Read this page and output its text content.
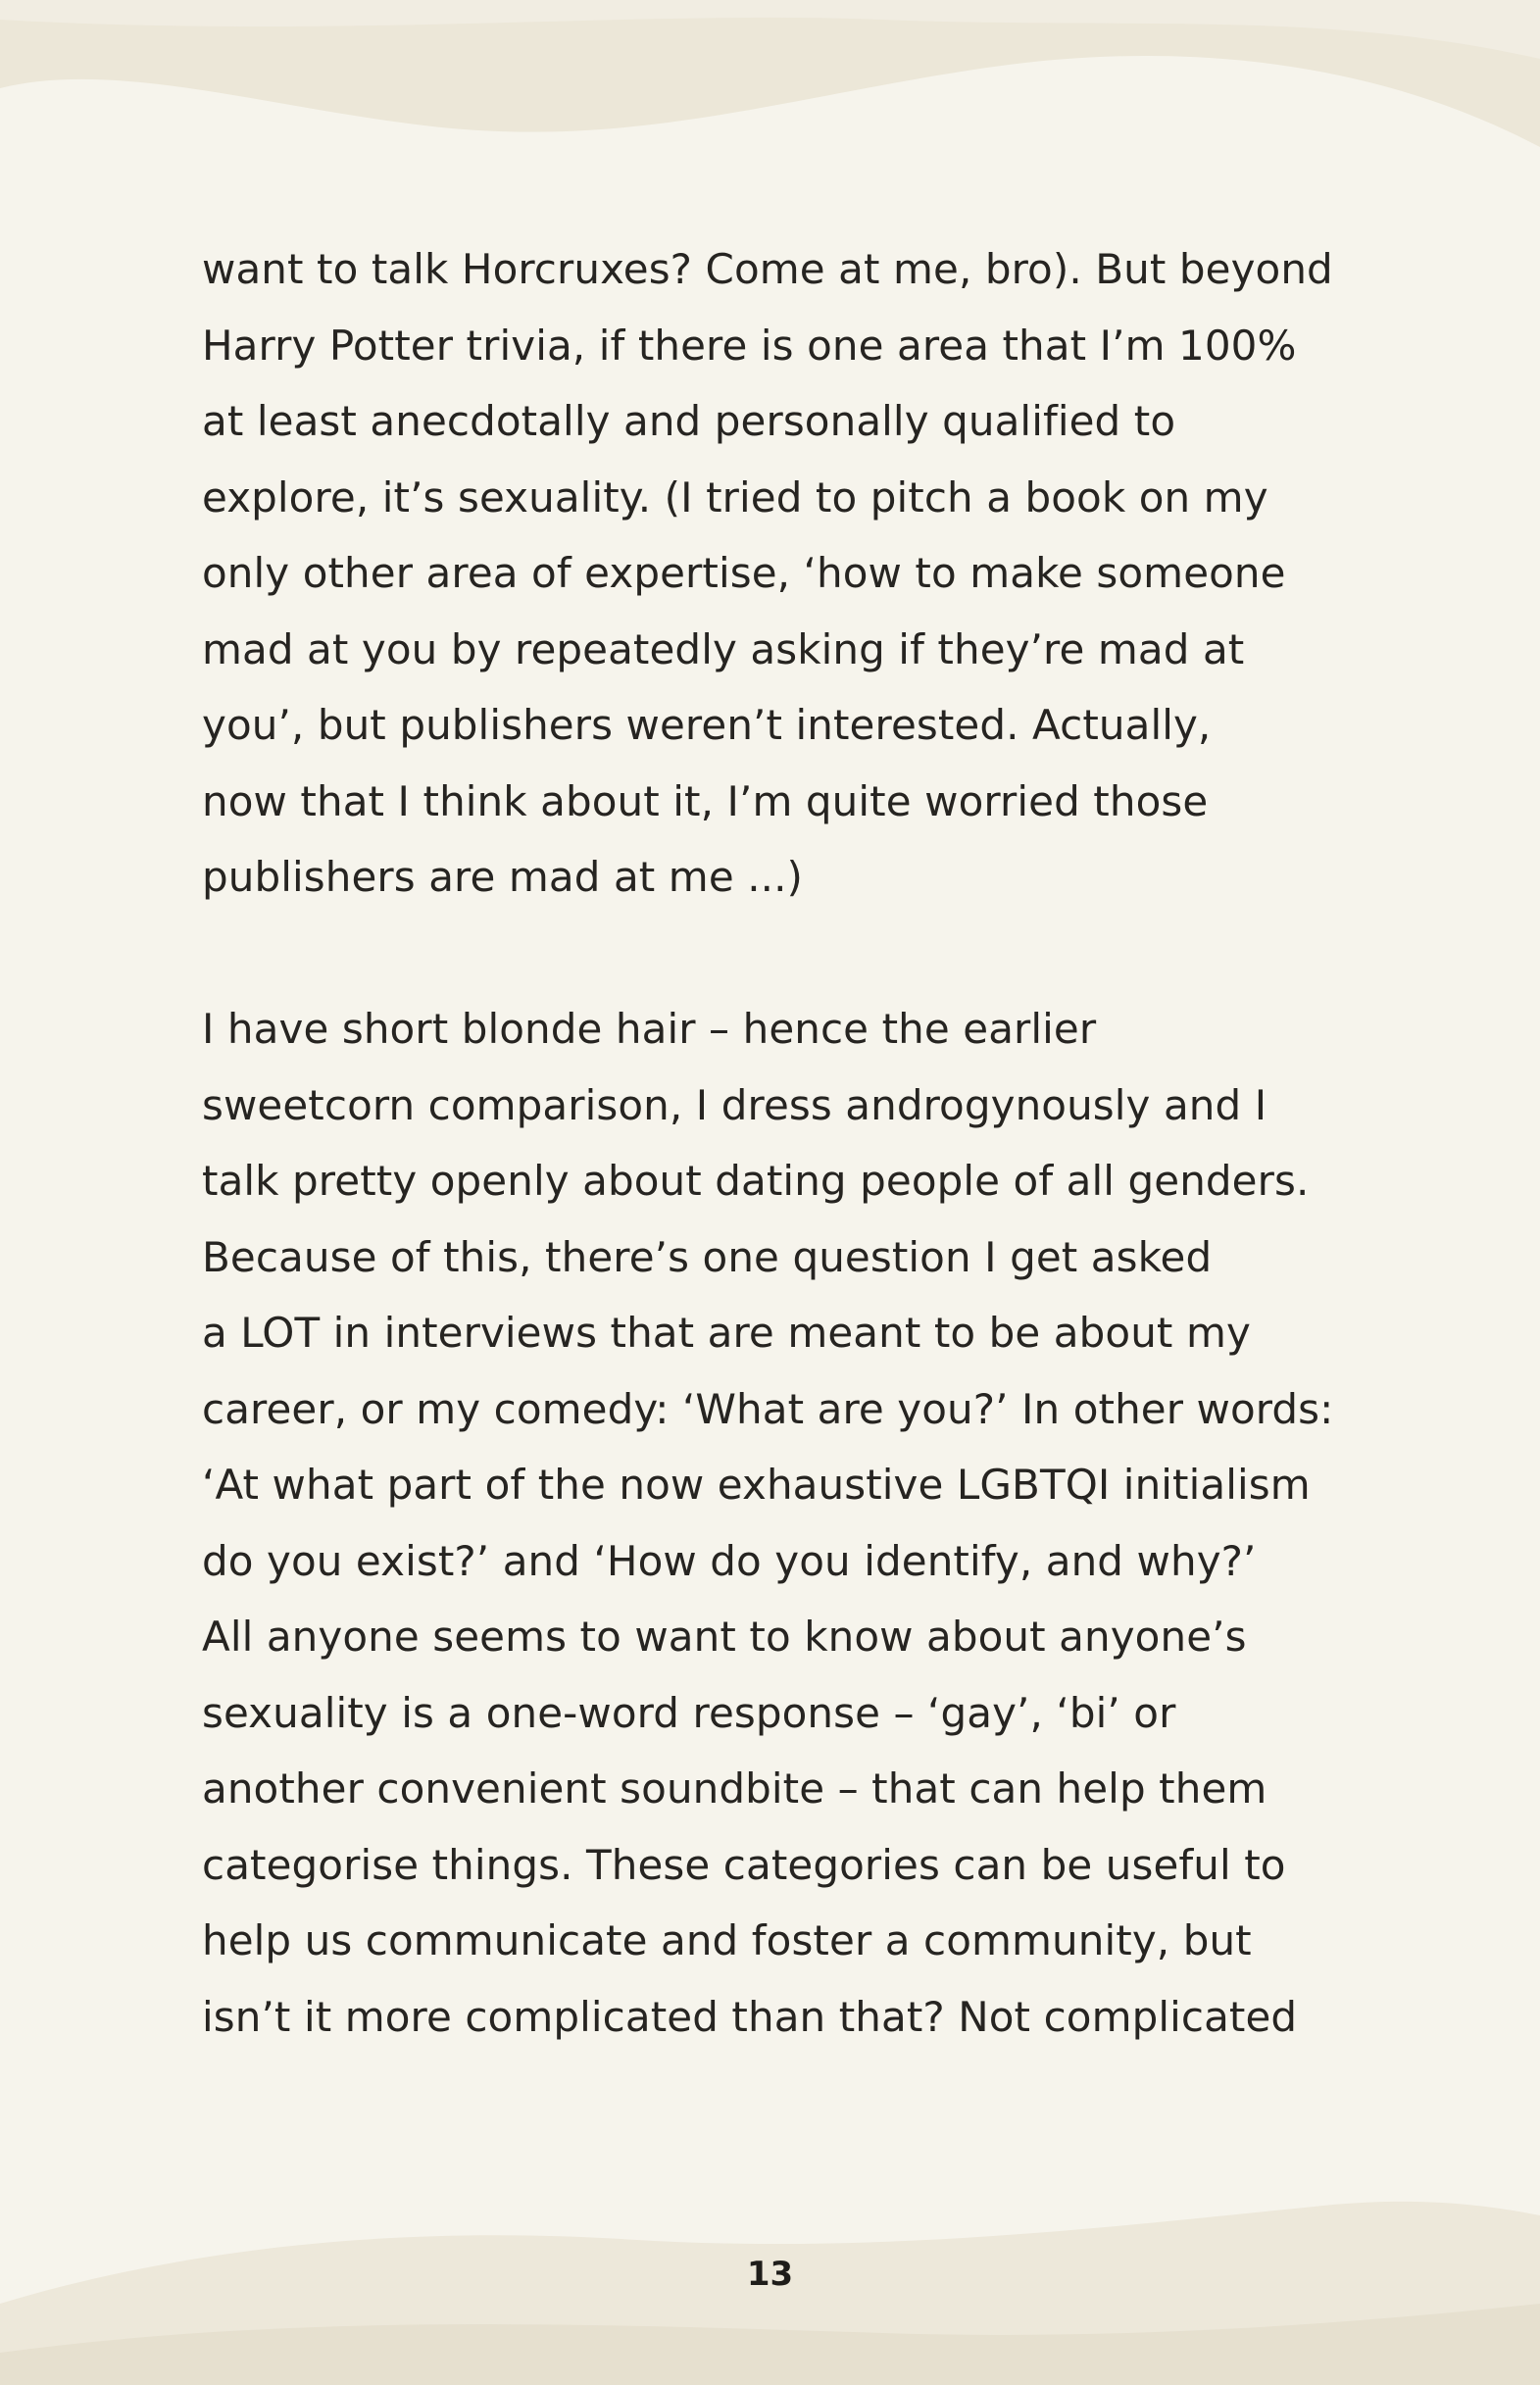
want to talk Horcruxes? Come at me, bro). But beyond
Harry Potter trivia, if there is one area that I’m 100%
at least anecdotally and personally qualified to
explore, it’s sexuality. (I tried to pitch a book on my
only other area of expertise, ‘how to make someone
mad at you by repeatedly asking if they’re mad at
you’, but publishers weren’t interested. Actually,
now that I think about it, I’m quite worried those
publishers are mad at me ...)
I have short blonde hair – hence the earlier
sweetcorn comparison, I dress androgynously and I
talk pretty openly about dating people of all genders.
Because of this, there’s one question I get asked
a LOT in interviews that are meant to be about my
career, or my comedy: ‘What are you?’ In other words:
‘At what part of the now exhaustive LGBTQI initialism
do you exist?’ and ‘How do you identify, and why?’
All anyone seems to want to know about anyone’s
sexuality is a one-word response – ‘gay’, ‘bi’ or
another convenient soundbite – that can help them
categorise things. These categories can be useful to
help us communicate and foster a community, but
isn’t it more complicated than that? Not complicated
13
